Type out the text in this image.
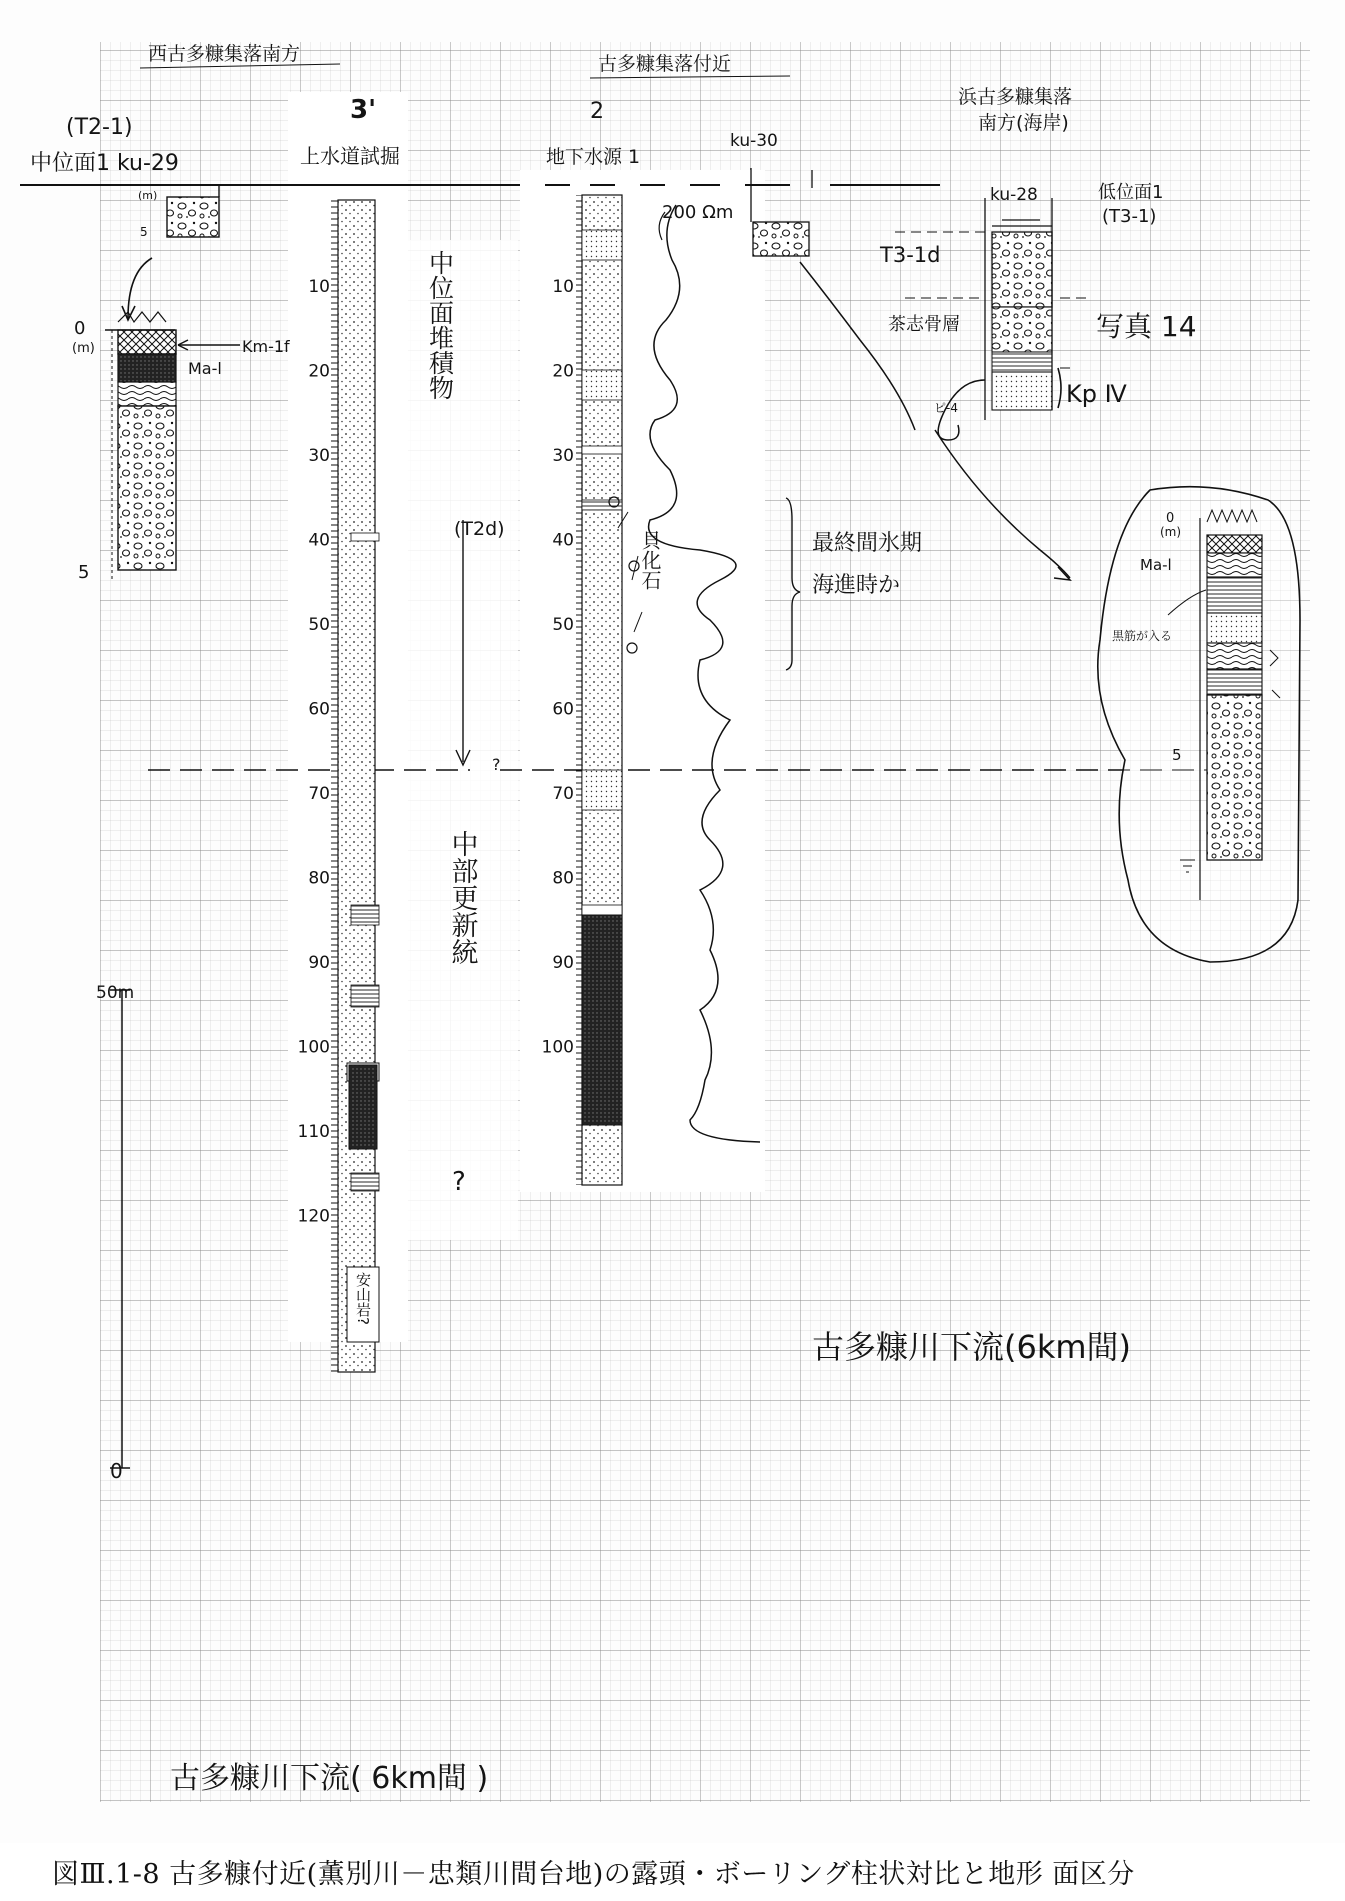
西古多糠集落南方	古多糠集落付近
浜古多糠集落
南方(海岸)
(T2-1)
中位面1 ku-29
(m)
5
0
(m)
5
Km-1f
Ma-l
3'
上水道試掘
2
地下水源 1
200 Ωm
ku-30
ku-28	低位面1
(T3-1)
T3-1d
茶志骨層
ピ-4	Kp Ⅳ
写真 14
0
(m)
Ma-l
黒筋が入る
5
中位面堆積物
(T2d)
中部更新統
?
?
貝化石	最終間氷期
海進時か
50m
0
古多糠川下流(6km間)
古多糠川下流( 6km間 )
10
20
30
40
50
60
70
80
90
100
110
120
10
20
30
40
50
60
70
80
90
100
安山岩?
図Ⅲ.1-8 古多糠付近(薫別川－忠類川間台地)の露頭・ボーリング柱状対比と地形 面区分
